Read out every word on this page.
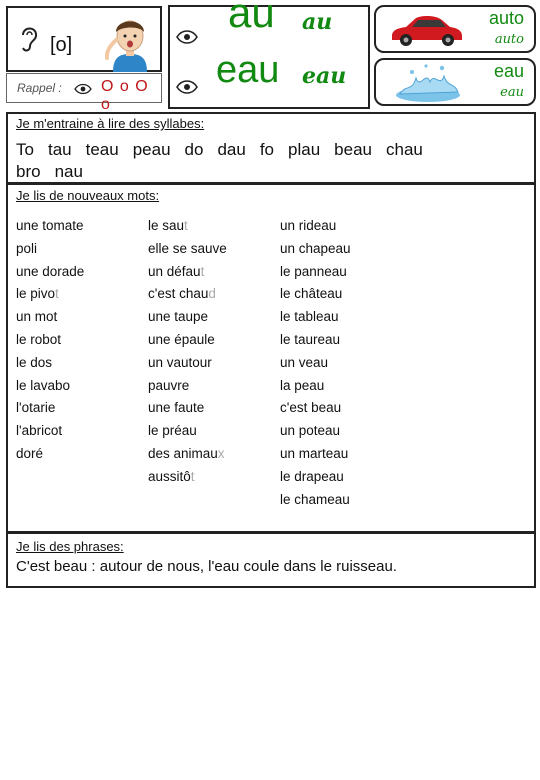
[o]
Rappel : O o O o
au au
eau eau
auto
auto
eau
eau
Je m'entraine à lire des syllabes:
To tau teau peau do dau fo plau beau chau
bro nau
Je lis de nouveaux mots:
une tomate
poli
une dorade
le pivot
un mot
le robot
le dos
le lavabo
l'otarie
l'abricot
doré
le saut
elle se sauve
un défaut
c'est chaud
une taupe
une épaule
un vautour
pauvre
une faute
le préau
des animaux
aussitôt
un rideau
un chapeau
le panneau
le château
le tableau
le taureau
un veau
la peau
c'est beau
un poteau
un marteau
le drapeau
le chameau
Je lis des phrases:
C'est beau : autour de nous, l'eau coule dans le ruisseau.
